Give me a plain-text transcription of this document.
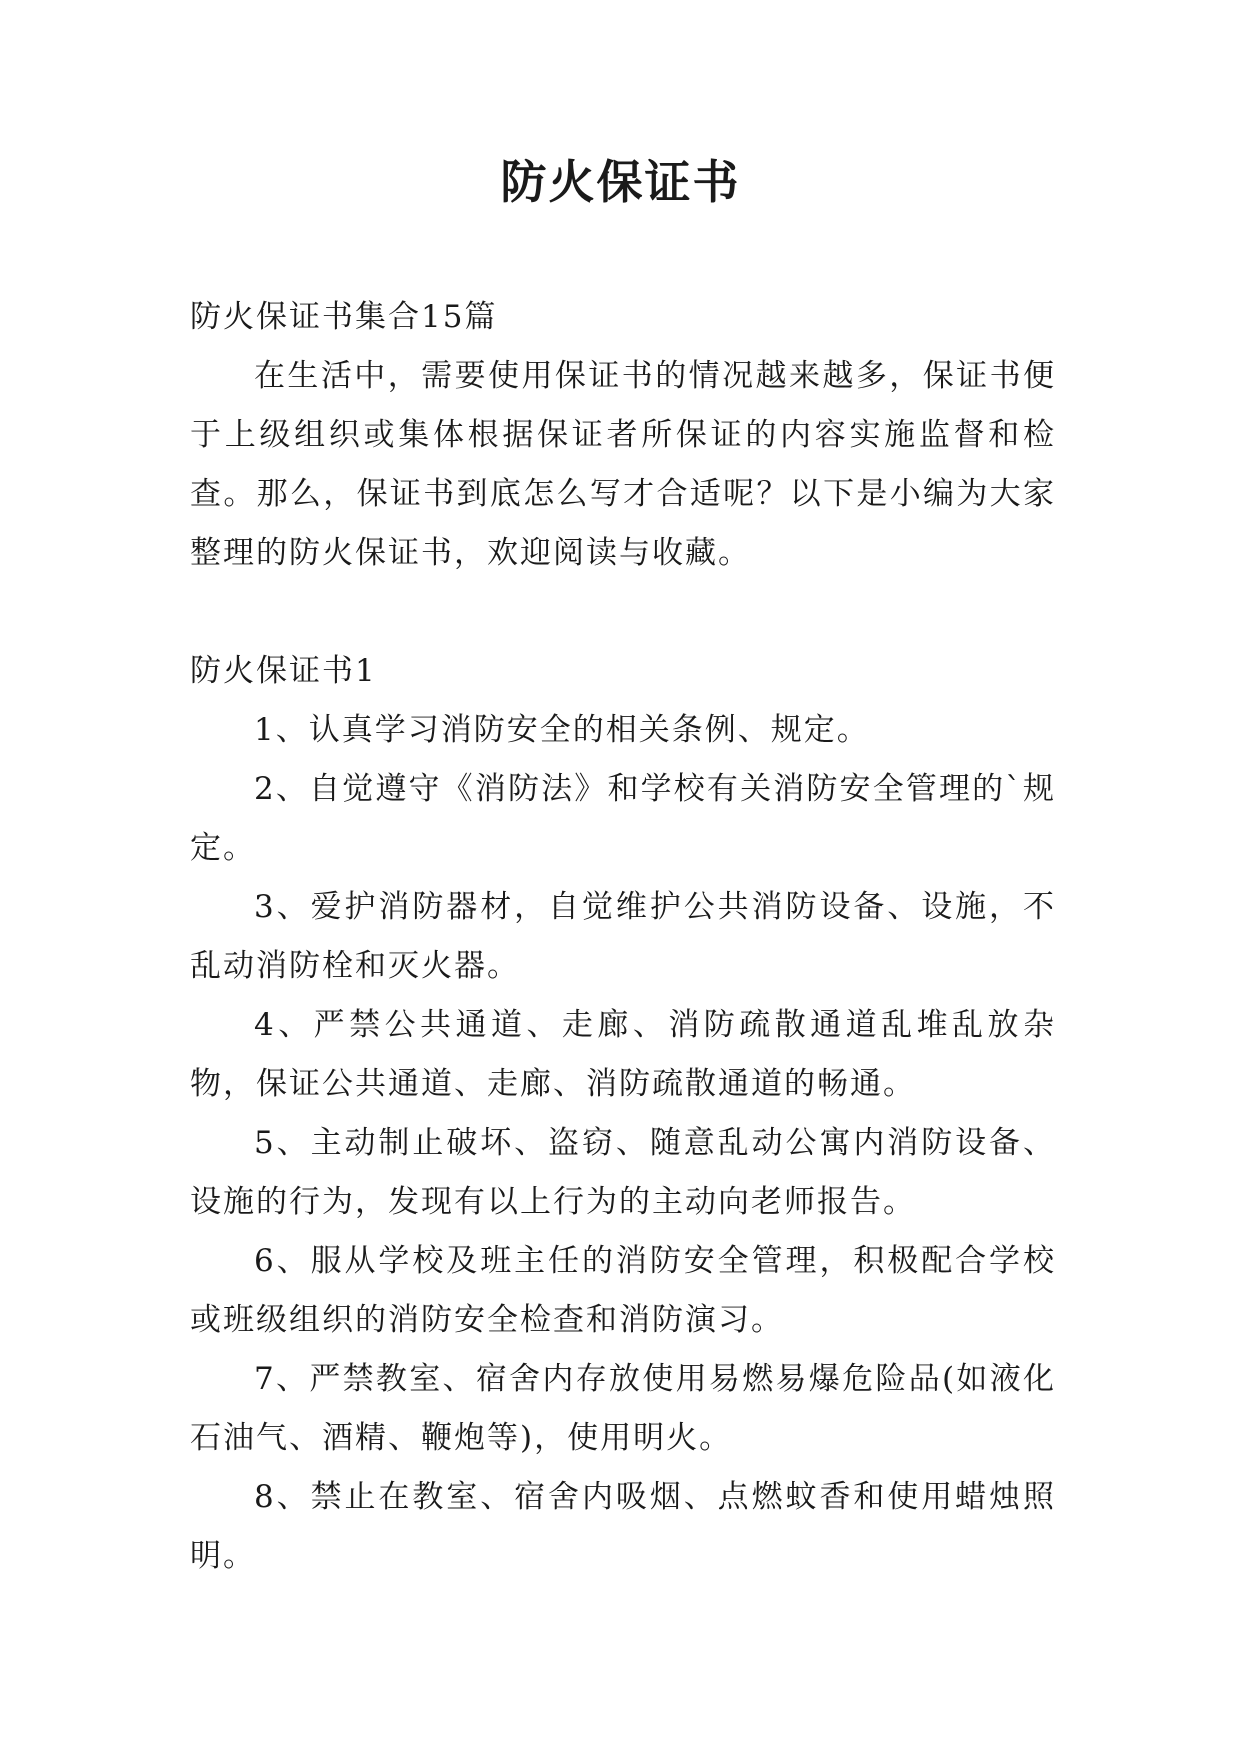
防火保证书

防火保证书集合15篇

在生活中，需要使用保证书的情况越来越多，保证书便于上级组织或集体根据保证者所保证的内容实施监督和检查。那么，保证书到底怎么写才合适呢？以下是小编为大家整理的防火保证书，欢迎阅读与收藏。

防火保证书1

1、认真学习消防安全的相关条例、规定。

2、自觉遵守《消防法》和学校有关消防安全管理的`规定。

3、爱护消防器材，自觉维护公共消防设备、设施，不乱动消防栓和灭火器。

4、严禁公共通道、走廊、消防疏散通道乱堆乱放杂物，保证公共通道、走廊、消防疏散通道的畅通。

5、主动制止破坏、盗窃、随意乱动公寓内消防设备、设施的行为，发现有以上行为的主动向老师报告。

6、服从学校及班主任的消防安全管理，积极配合学校或班级组织的消防安全检查和消防演习。

7、严禁教室、宿舍内存放使用易燃易爆危险品(如液化石油气、酒精、鞭炮等)，使用明火。

8、禁止在教室、宿舍内吸烟、点燃蚊香和使用蜡烛照明。
